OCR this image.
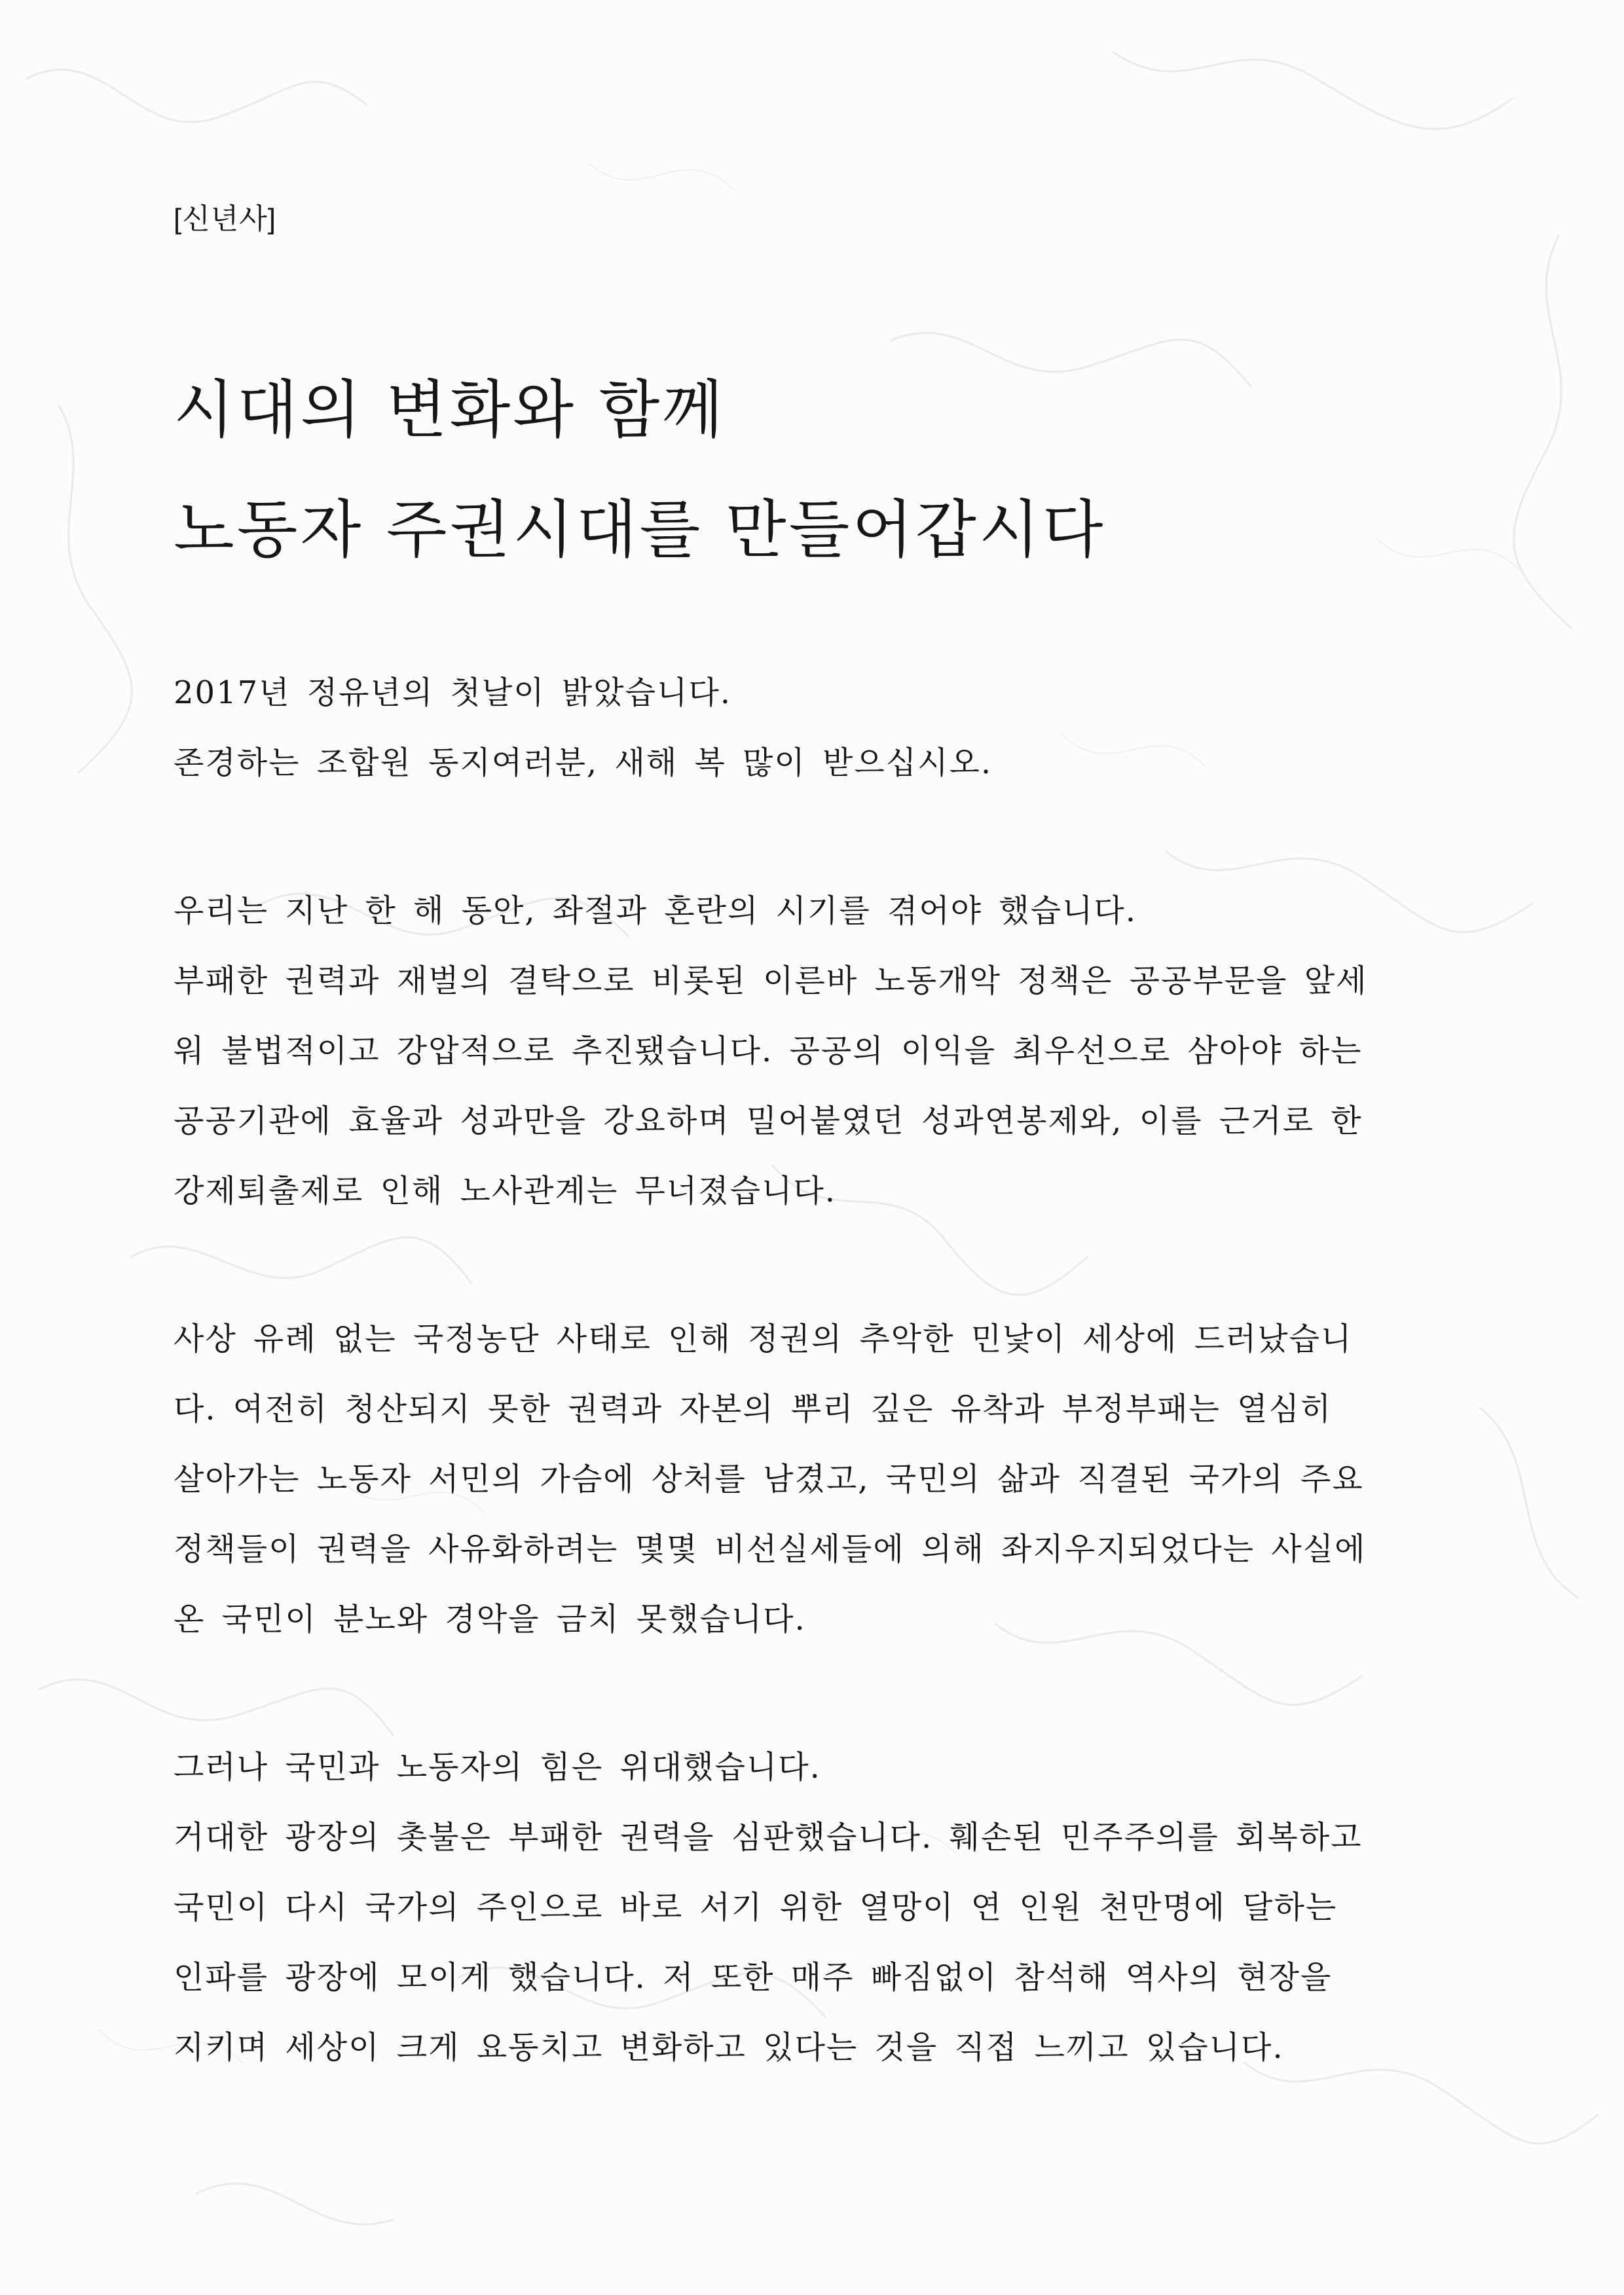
[신년사]

시대의 변화와 함께
노동자 주권시대를 만들어갑시다

2017년 정유년의 첫날이 밝았습니다.
존경하는 조합원 동지여러분, 새해 복 많이 받으십시오.

우리는 지난 한 해 동안, 좌절과 혼란의 시기를 겪어야 했습니다.
부패한 권력과 재벌의 결탁으로 비롯된 이른바 노동개악 정책은 공공부문을 앞세
워 불법적이고 강압적으로 추진됐습니다. 공공의 이익을 최우선으로 삼아야 하는
공공기관에 효율과 성과만을 강요하며 밀어붙였던 성과연봉제와, 이를 근거로 한
강제퇴출제로 인해 노사관계는 무너졌습니다.

사상 유례 없는 국정농단 사태로 인해 정권의 추악한 민낯이 세상에 드러났습니
다. 여전히 청산되지 못한 권력과 자본의 뿌리 깊은 유착과 부정부패는 열심히
살아가는 노동자 서민의 가슴에 상처를 남겼고, 국민의 삶과 직결된 국가의 주요
정책들이 권력을 사유화하려는 몇몇 비선실세들에 의해 좌지우지되었다는 사실에
온 국민이 분노와 경악을 금치 못했습니다.

그러나 국민과 노동자의 힘은 위대했습니다.
거대한 광장의 촛불은 부패한 권력을 심판했습니다. 훼손된 민주주의를 회복하고
국민이 다시 국가의 주인으로 바로 서기 위한 열망이 연 인원 천만명에 달하는
인파를 광장에 모이게 했습니다. 저 또한 매주 빠짐없이 참석해 역사의 현장을
지키며 세상이 크게 요동치고 변화하고 있다는 것을 직접 느끼고 있습니다.
